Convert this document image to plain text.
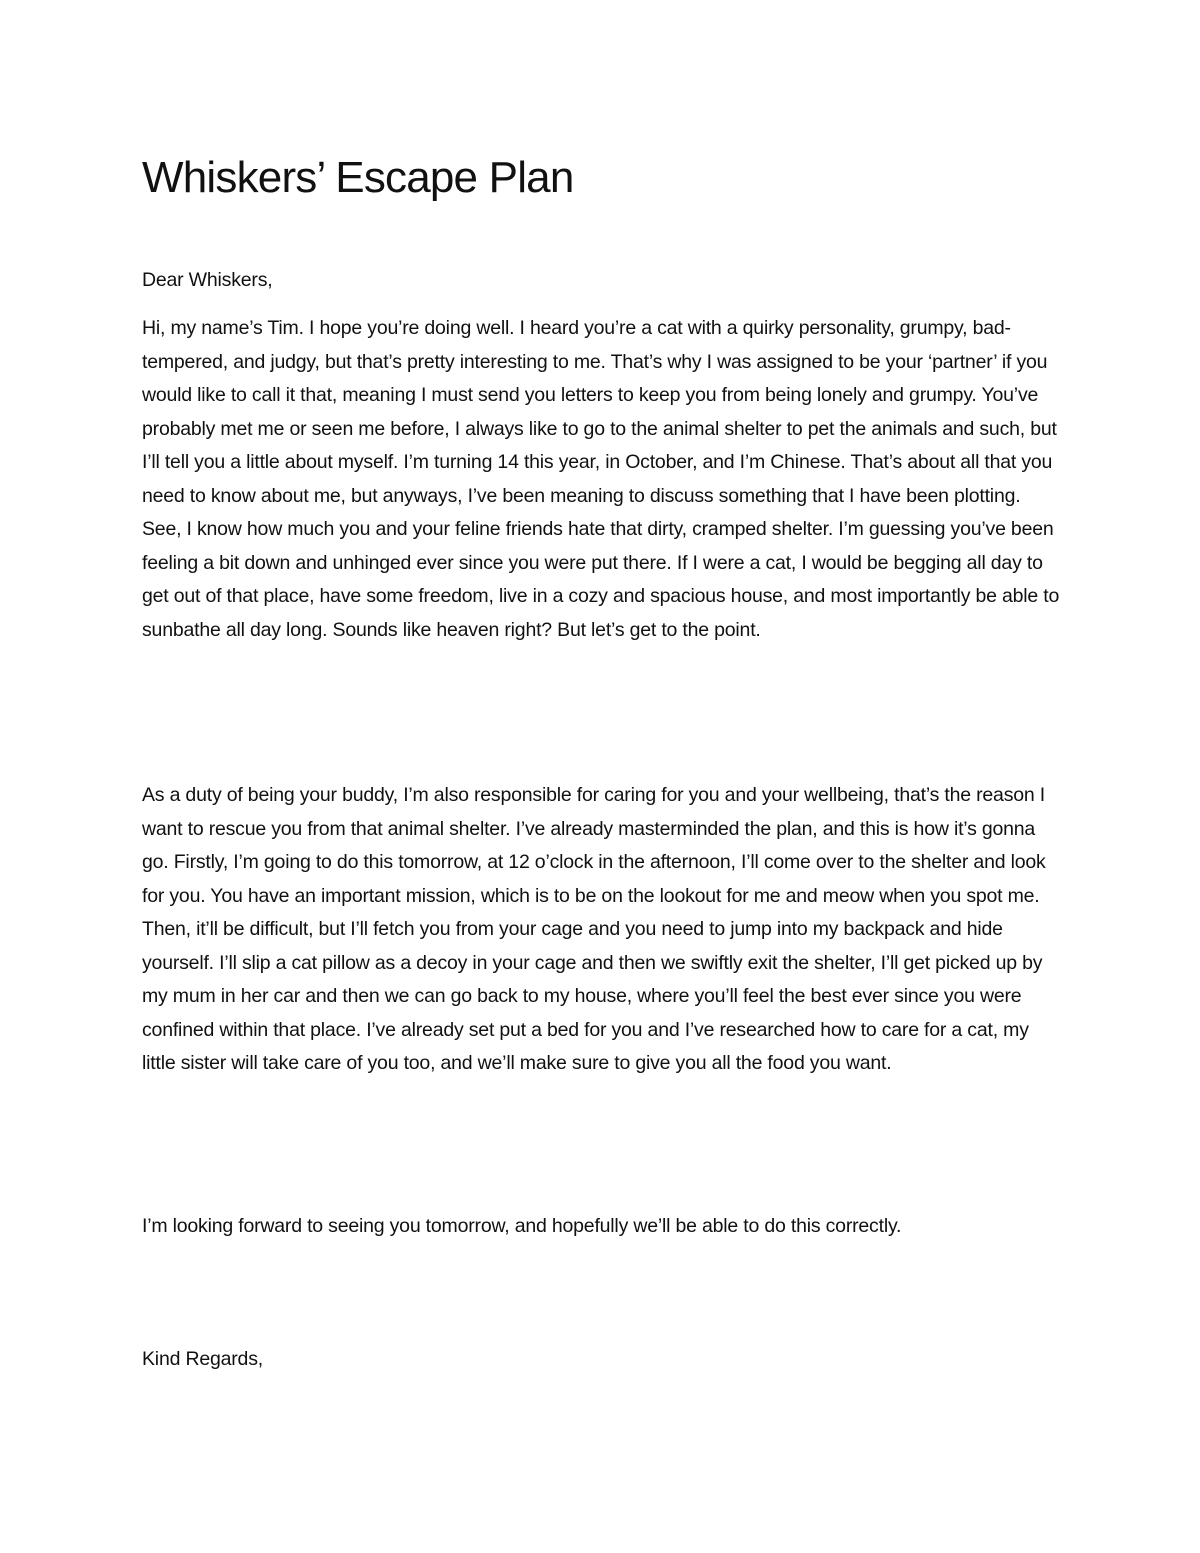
Whiskers’ Escape Plan

Dear Whiskers,

Hi, my name’s Tim. I hope you’re doing well. I heard you’re a cat with a quirky personality, grumpy, bad-tempered, and judgy, but that’s pretty interesting to me. That’s why I was assigned to be your ‘partner’ if you would like to call it that, meaning I must send you letters to keep you from being lonely and grumpy. You’ve probably met me or seen me before, I always like to go to the animal shelter to pet the animals and such, but I’ll tell you a little about myself. I’m turning 14 this year, in October, and I’m Chinese. That’s about all that you need to know about me, but anyways, I’ve been meaning to discuss something that I have been plotting. See, I know how much you and your feline friends hate that dirty, cramped shelter. I’m guessing you’ve been feeling a bit down and unhinged ever since you were put there. If I were a cat, I would be begging all day to get out of that place, have some freedom, live in a cozy and spacious house, and most importantly be able to sunbathe all day long. Sounds like heaven right? But let’s get to the point.

As a duty of being your buddy, I’m also responsible for caring for you and your wellbeing, that’s the reason I want to rescue you from that animal shelter. I’ve already masterminded the plan, and this is how it’s gonna go. Firstly, I’m going to do this tomorrow, at 12 o’clock in the afternoon, I’ll come over to the shelter and look for you. You have an important mission, which is to be on the lookout for me and meow when you spot me. Then, it’ll be difficult, but I’ll fetch you from your cage and you need to jump into my backpack and hide yourself. I’ll slip a cat pillow as a decoy in your cage and then we swiftly exit the shelter, I’ll get picked up by my mum in her car and then we can go back to my house, where you’ll feel the best ever since you were confined within that place. I’ve already set put a bed for you and I’ve researched how to care for a cat, my little sister will take care of you too, and we’ll make sure to give you all the food you want.

I’m looking forward to seeing you tomorrow, and hopefully we’ll be able to do this correctly.

Kind Regards,
